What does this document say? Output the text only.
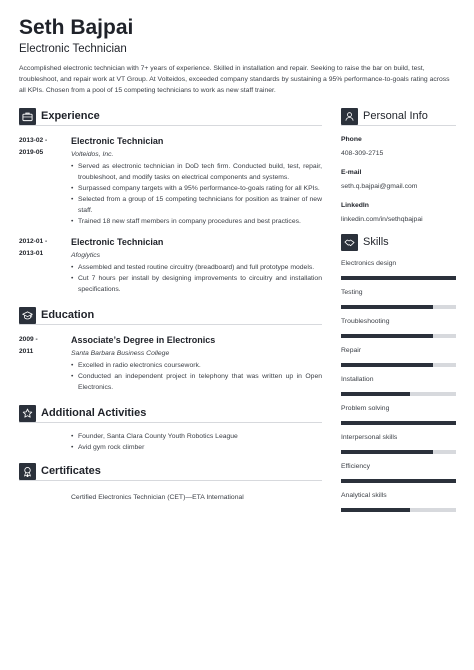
Seth Bajpai
Electronic Technician
Accomplished electronic technician with 7+ years of experience. Skilled in installation and repair. Seeking to raise the bar on build, test, troubleshoot, and repair work at VT Group. At Volteidos, exceeded company standards by sustaining a 95% performance-to-goals rating across all KPIs. Chosen from a pool of 15 competing technicians to work as new staff trainer.
Experience
2013-02 -
2019-05
Electronic Technician
Volteidos, Inc.
• Served as electronic technician in DoD tech firm. Conducted build, test, repair, troubleshoot, and modify tasks on electrical components and systems.
• Surpassed company targets with a 95% performance-to-goals rating for all KPIs.
• Selected from a group of 15 competing technicians for position as trainer of new staff.
• Trained 18 new staff members in company procedures and best practices.
2012-01 -
2013-01
Electronic Technician
Afoglytics
• Assembled and tested routine circuitry (breadboard) and full prototype models.
• Cut 7 hours per install by designing improvements to circuitry and installation specifications.
Education
2009 -
2011
Associate’s Degree in Electronics
Santa Barbara Business College
• Excelled in radio electronics coursework.
• Conducted an independent project in telephony that was written up in Open Electronics.
Additional Activities
• Founder, Santa Clara County Youth Robotics League
• Avid gym rock climber
Certificates
Certified Electronics Technician (CET)—ETA International
Personal Info
Phone
408-309-2715
E-mail
seth.q.bajpai@gmail.com
LinkedIn
linkedin.com/in/sethqbajpai
Skills
Electronics design
Testing
Troubleshooting
Repair
Installation
Problem solving
Interpersonal skills
Efficiency
Analytical skills
